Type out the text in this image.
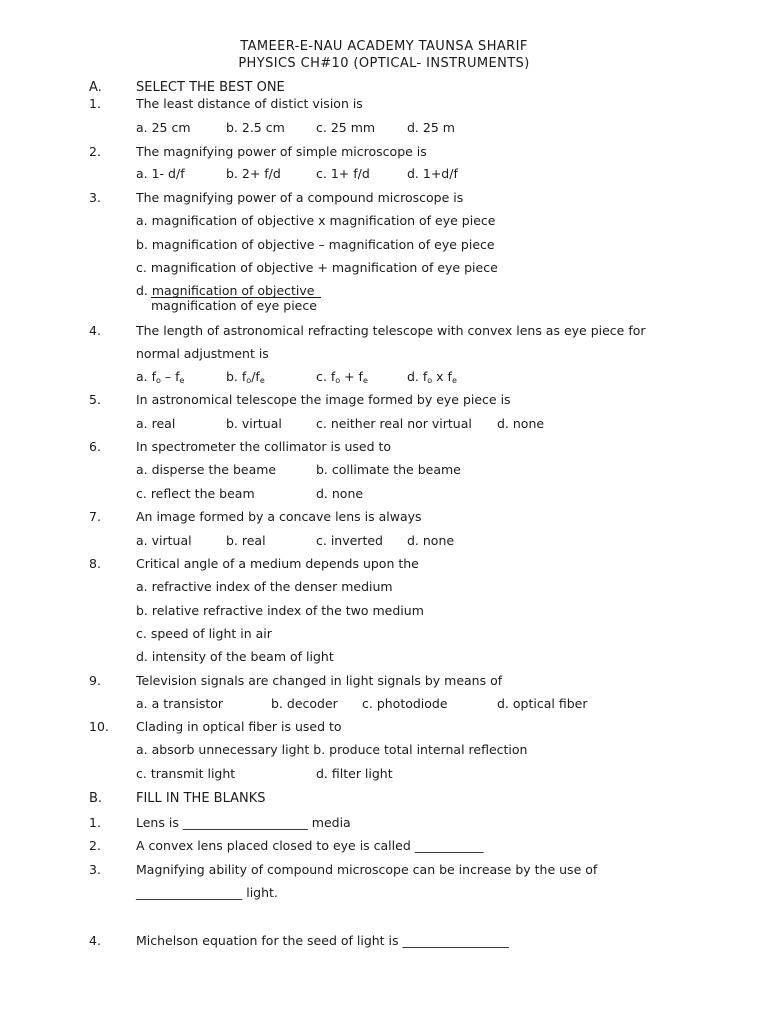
TAMEER-E-NAU ACADEMY TAUNSA SHARIF
PHYSICS CH#10 (OPTICAL- INSTRUMENTS)
A.	SELECT THE BEST ONE
1.	The least distance of distict vision is
a. 25 cm	b. 2.5 cm c. 25 mm	d. 25 m
2.	The magnifying power of simple microscope is
a. 1- d/f	b. 2+ f/d	c. 1+ f/d	d. 1+d/f
3.	The magnifying power of a compound microscope is
a. magnification of objective x magnification of eye piece
b. magnification of objective – magnification of eye piece
c. magnification of objective + magnification of eye piece
d. magnification of objective
magnification of eye piece
4.	The length of astronomical refracting telescope with convex lens as eye piece for
normal adjustment is
a. $f_o - f_e$	b. $f_o/f_e$	c. $f_o + f_e$	d. $f_o$ x $f_e$
5.	In astronomical telescope the image formed by eye piece is
a. real	b. virtual	c. neither real nor virtual d. none
6.	In spectrometer the collimator is used to
a. disperse the beame	b. collimate the beame
c. reflect the beam	d. none
7.	An image formed by a concave lens is always
a. virtual	b. real	c. inverted d. none
8.	Critical angle of a medium depends upon the
a. refractive index of the denser medium
b. relative refractive index of the two medium
c. speed of light in air
d. intensity of the beam of light
9.	Television signals are changed in light signals by means of
a. a transistor	b. decoder c. photodiode	d. optical fiber
10. Clading in optical fiber is used to
a. absorb unnecessary light b. produce total internal reflection
c. transmit light	d. filter light
B.	FILL IN THE BLANKS
1.	Lens is ____________________ media
2.	A convex lens placed closed to eye is called ___________
3.	Magnifying ability of compound microscope can be increase by the use of
_________________ light.
4.	Michelson equation for the seed of light is _________________
